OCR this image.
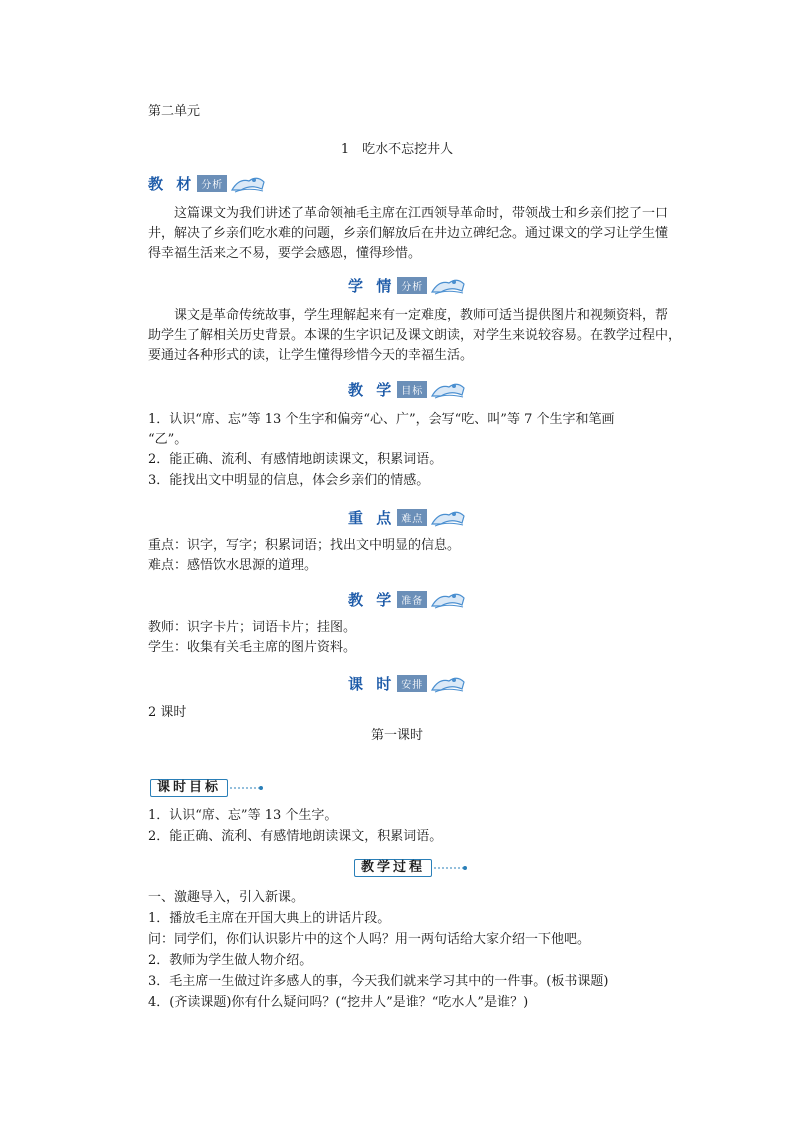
第二单元
1　吃水不忘挖井人
教 材 分析
这篇课文为我们讲述了革命领袖毛主席在江西领导革命时，带领战士和乡亲们挖了一口
井，解决了乡亲们吃水难的问题，乡亲们解放后在井边立碑纪念。通过课文的学习让学生懂
得幸福生活来之不易，要学会感恩，懂得珍惜。
学 情 分析
课文是革命传统故事，学生理解起来有一定难度，教师可适当提供图片和视频资料，帮
助学生了解相关历史背景。本课的生字识记及课文朗读，对学生来说较容易。在教学过程中，
要通过各种形式的读，让学生懂得珍惜今天的幸福生活。
教 学 目标
1．认识“席、忘”等 13 个生字和偏旁“心、广”，会写“吃、叫”等 7 个生字和笔画
“乙”。
2．能正确、流利、有感情地朗读课文，积累词语。
3．能找出文中明显的信息，体会乡亲们的情感。
重 点 难点
重点：识字，写字；积累词语；找出文中明显的信息。
难点：感悟饮水思源的道理。
教 学 准备
教师：识字卡片；词语卡片；挂图。
学生：收集有关毛主席的图片资料。
课 时 安排
2 课时
第一课时
课时目标
1．认识“席、忘”等 13 个生字。
2．能正确、流利、有感情地朗读课文，积累词语。
教学过程
一、激趣导入，引入新课。
1．播放毛主席在开国大典上的讲话片段。
问：同学们，你们认识影片中的这个人吗？用一两句话给大家介绍一下他吧。
2．教师为学生做人物介绍。
3．毛主席一生做过许多感人的事，今天我们就来学习其中的一件事。(板书课题)
4．(齐读课题)你有什么疑问吗？(“挖井人”是谁？“吃水人”是谁？)
